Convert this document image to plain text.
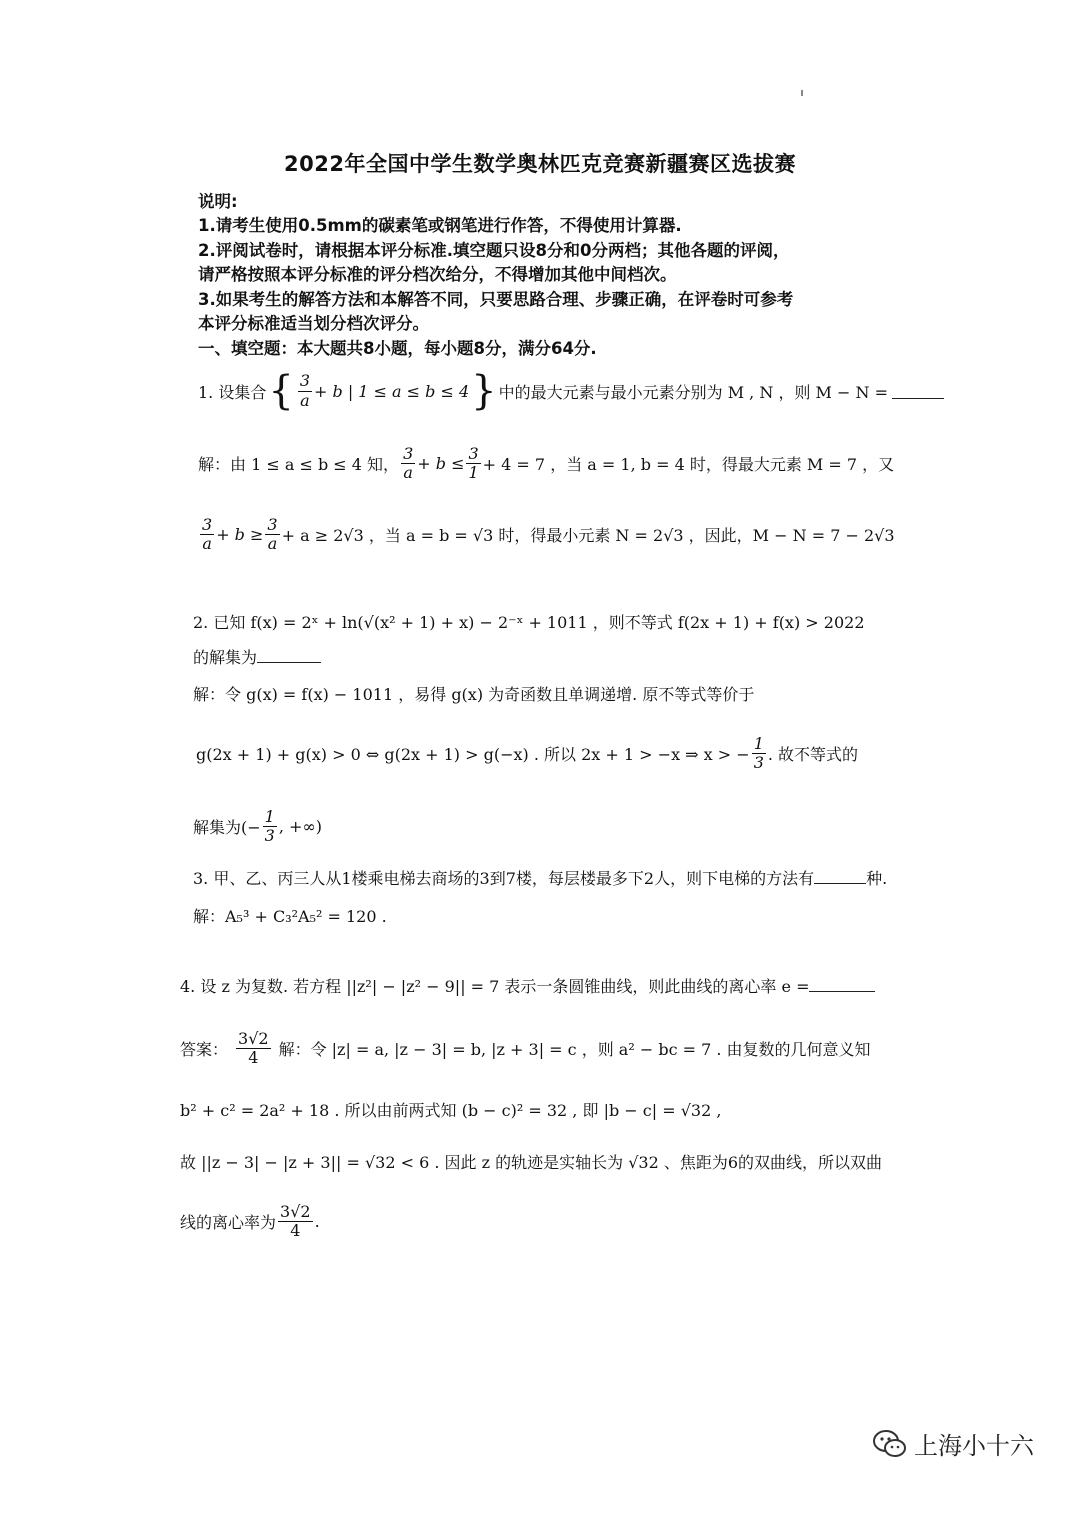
2022年全国中学生数学奥林匹克竞赛新疆赛区选拔赛
说明:
1.请考生使用0.5mm的碳素笔或钢笔进行作答，不得使用计算器.
2.评阅试卷时，请根据本评分标准.填空题只设8分和0分两档；其他各题的评阅，
请严格按照本评分标准的评分档次给分，不得增加其他中间档次。
3.如果考生的解答方法和本解答不同，只要思路合理、步骤正确，在评卷时可参考
本评分标准适当划分档次评分。
一、填空题：本大题共8小题，每小题8分，满分64分.
1. 设集合 { $\frac{3}{a} + b$ | 1 ≤ a ≤ b ≤ 4 } 中的最大元素与最小元素分别为 M , N ，则 M − N =
解：由 1 ≤ a ≤ b ≤ 4 知， $\frac{3}{a} + b \le \frac{3}{1} + 4 = 7$ ，当 a = 1, b = 4 时，得最大元素 M = 7 ，又
$\frac{3}{a} + b \ge \frac{3}{a} + a \ge 2√3$ ，当 a = b = √3 时，得最小元素 N = 2√3 ，因此，M − N = 7 − 2√3
2. 已知 f(x) = 2ˣ + ln(√(x² + 1) + x) − 2⁻ˣ + 1011 ，则不等式 f(2x + 1) + f(x) > 2022
的解集为
解：令 g(x) = f(x) − 1011 ，易得 g(x) 为奇函数且单调递增. 原不等式等价于
g(2x + 1) + g(x) > 0 ⇔ g(2x + 1) > g(−x) . 所以 2x + 1 > −x ⇒ x > − $\frac{1}{3}$ . 故不等式的
解集为(− $\frac{1}{3}$ , +∞)
3. 甲、乙、丙三人从1楼乘电梯去商场的3到7楼，每层楼最多下2人，则下电梯的方法有	种.
解：A₅³ + C₃²A₅² = 120 .
4. 设 z 为复数. 若方程 ||z²| − |z² − 9|| = 7 表示一条圆锥曲线，则此曲线的离心率 e =
答案： $\frac{3√2}{4}$ 解：令 |z| = a, |z − 3| = b, |z + 3| = c ，则 a² − bc = 7 . 由复数的几何意义知
b² + c² = 2a² + 18 . 所以由前两式知 (b − c)² = 32 , 即 |b − c| = √32 ,
故 ||z − 3| − |z + 3|| = √32 < 6 . 因此 z 的轨迹是实轴长为 √32 、焦距为6的双曲线，所以双曲
线的离心率为 $\frac{3√2}{4}$ .
上海小十六
